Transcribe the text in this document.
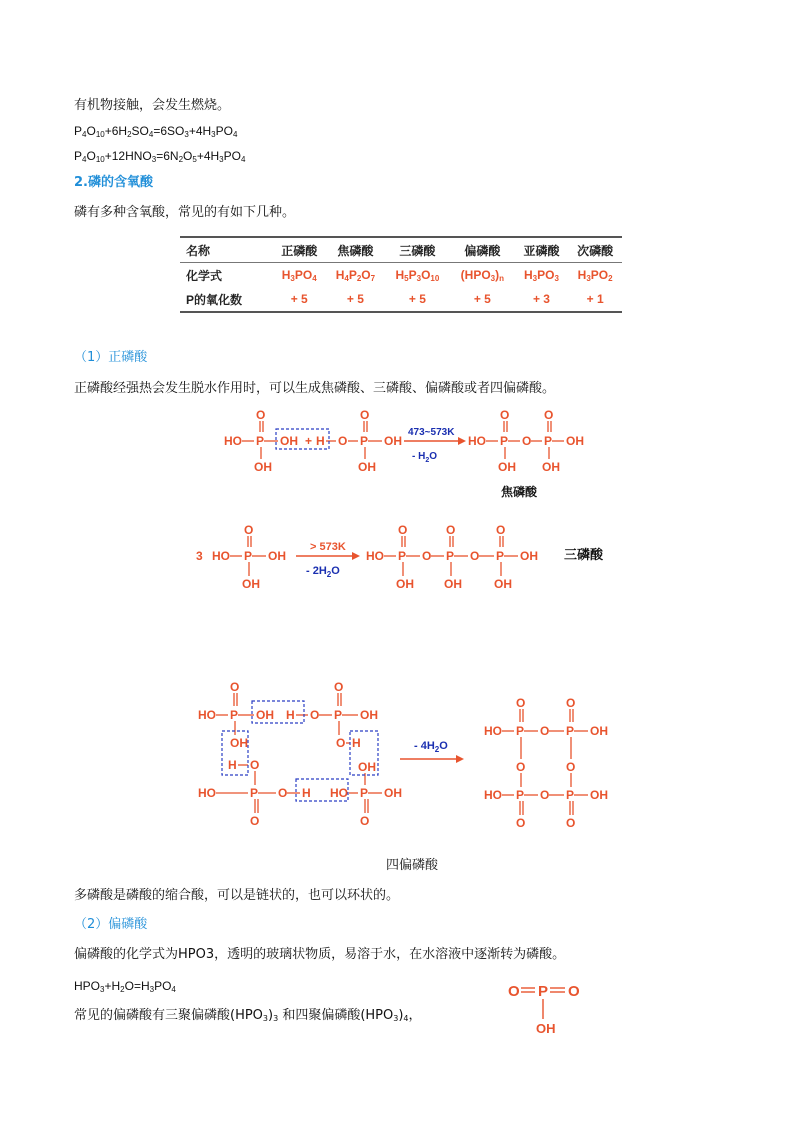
有机物接触，会发生燃烧。
$P_4O_{10}+6H_2SO_4=6SO_3+4H_3PO_4$
$P_4O_{10}+12HNO_3=6N_2O_5+4H_3PO_4$
2.磷的含氧酸
磷有多种含氧酸，常见的有如下几种。
名称	正磷酸	焦磷酸	三磷酸	偏磷酸	亚磷酸	次磷酸
化学式	$H_3PO_4$	$H_4P_2O_7$	$H_5P_3O_{10}$	$(HPO_3)_n$	$H_3PO_3$	$H_3PO_2$
P的氧化数	+ 5	+ 5	+ 5	+ 5	+ 3	+ 1
（1）正磷酸
正磷酸经强热会发生脱水作用时，可以生成焦磷酸、三磷酸、偏磷酸或者四偏磷酸。
HO P
O
OH
OH H O P
O
OH
OH	HO P
O
OH
O P
O
OH
OH
+
473~573K
- $H_2O$
焦磷酸
3 HO P
O
OH
OH	HO P
O
OH
O P
O
OH
O P
O
OH
OH
> 573K
- $2H_2O$
三磷酸
HO P
O
OH H O P
O
OH
OH
H O
O H
OH
HO	P
O
O H HO P
O
OH
HO P
O
O P
O
OH
O	O
HO P
O
O P
O
OH
- $4H_2O$
四偏磷酸
多磷酸是磷酸的缩合酸，可以是链状的，也可以环状的。
（2）偏磷酸
偏磷酸的化学式为HPO3，透明的玻璃状物质，易溶于水，在水溶液中逐渐转为磷酸。
$HPO_3+H_2O=H_3PO_4$
常见的偏磷酸有三聚偏磷酸$(HPO_3)_3$ 和四聚偏磷酸$(HPO_3)_4$，
O P O
OH
